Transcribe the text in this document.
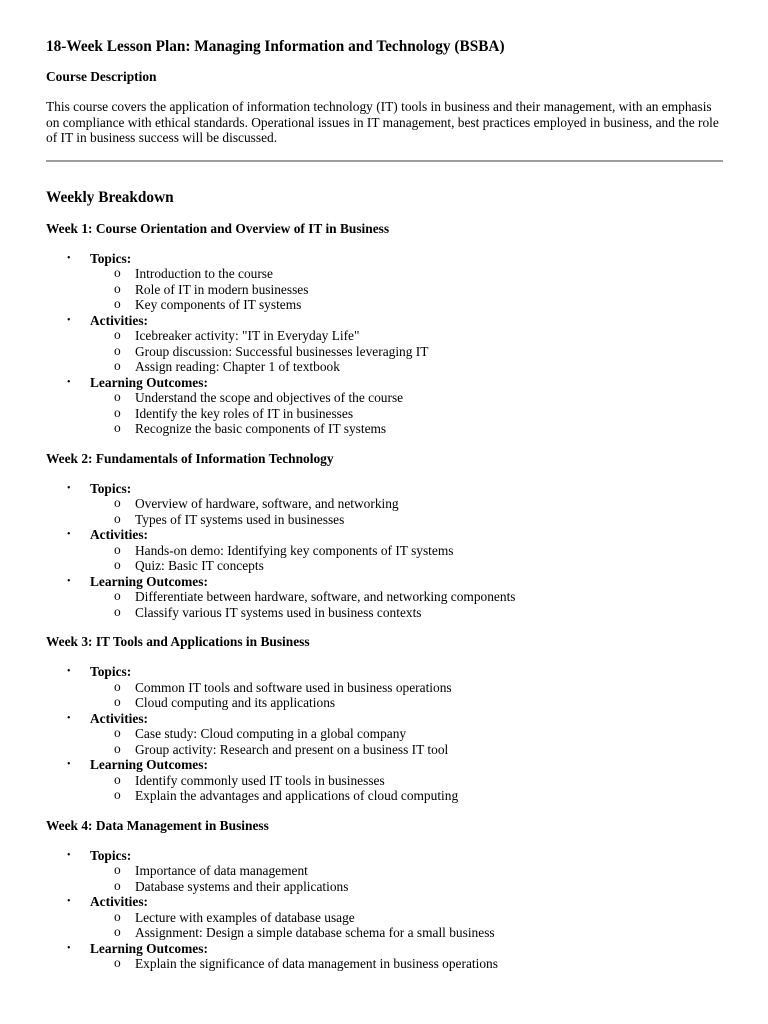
18-Week Lesson Plan: Managing Information and Technology (BSBA)
Course Description

This course covers the application of information technology (IT) tools in business and their management, with an emphasis on compliance with ethical standards. Operational issues in IT management, best practices employed in business, and the role of IT in business success will be discussed.

Weekly Breakdown
Week 1: Course Orientation and Overview of IT in Business
• Topics:
o Introduction to the course
o Role of IT in modern businesses
o Key components of IT systems
• Activities:
o Icebreaker activity: "IT in Everyday Life"
o Group discussion: Successful businesses leveraging IT
o Assign reading: Chapter 1 of textbook
• Learning Outcomes:
o Understand the scope and objectives of the course
o Identify the key roles of IT in businesses
o Recognize the basic components of IT systems
Week 2: Fundamentals of Information Technology
• Topics:
o Overview of hardware, software, and networking
o Types of IT systems used in businesses
• Activities:
o Hands-on demo: Identifying key components of IT systems
o Quiz: Basic IT concepts
• Learning Outcomes:
o Differentiate between hardware, software, and networking components
o Classify various IT systems used in business contexts
Week 3: IT Tools and Applications in Business
• Topics:
o Common IT tools and software used in business operations
o Cloud computing and its applications
• Activities:
o Case study: Cloud computing in a global company
o Group activity: Research and present on a business IT tool
• Learning Outcomes:
o Identify commonly used IT tools in businesses
o Explain the advantages and applications of cloud computing
Week 4: Data Management in Business
• Topics:
o Importance of data management
o Database systems and their applications
• Activities:
o Lecture with examples of database usage
o Assignment: Design a simple database schema for a small business
• Learning Outcomes:
o Explain the significance of data management in business operations
